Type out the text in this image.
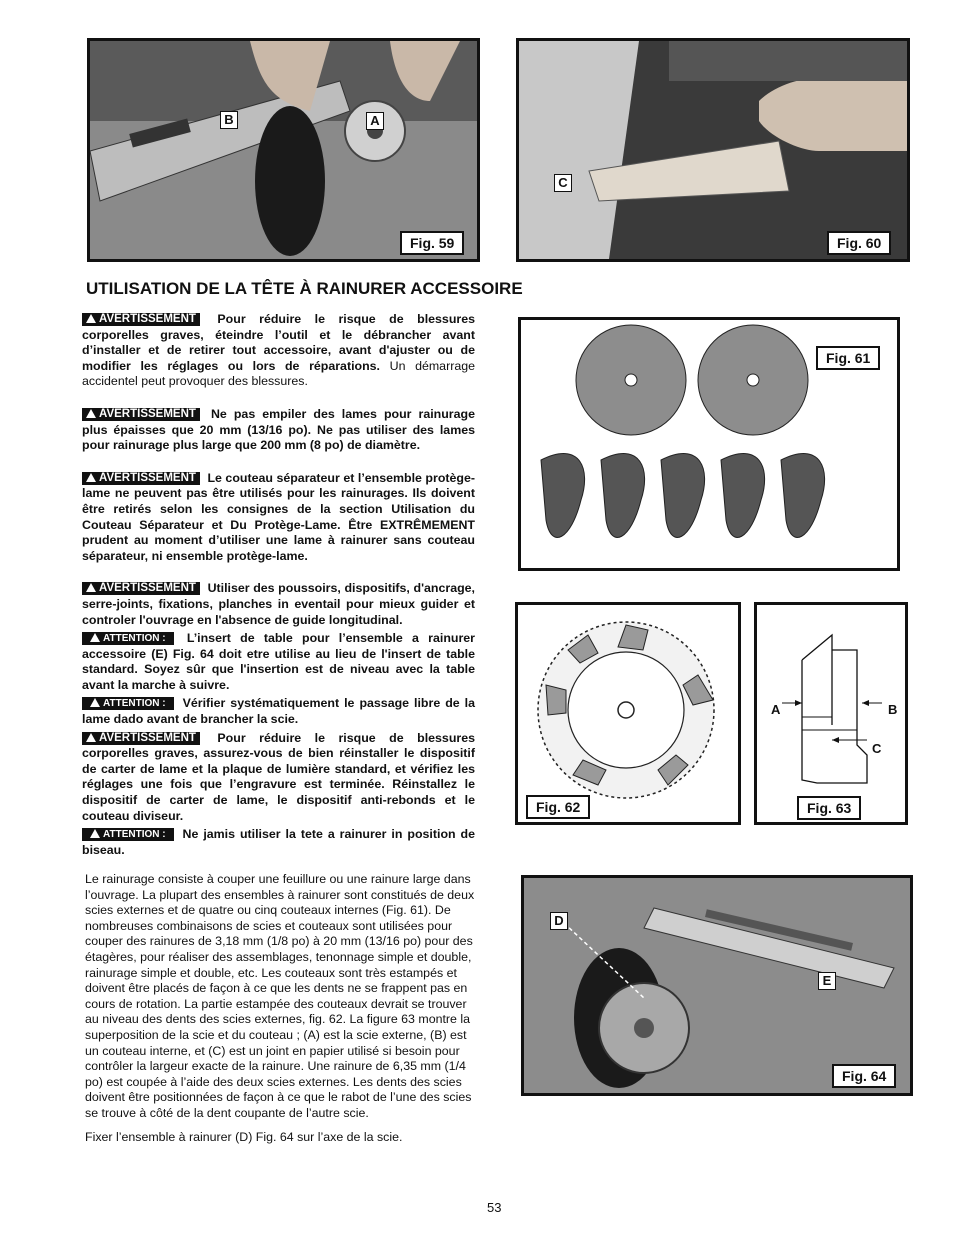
B	A
Fig. 59
C
Fig. 60
UTILISATION DE LA TÊTE À RAINURER ACCESSOIRE

AVERTISSEMENT Pour réduire le risque de blessures corporelles graves, éteindre l’outil et le débrancher avant d’installer et de retirer tout accessoire, avant d'ajuster ou de modifier les réglages ou lors de réparations. Un démarrage accidentel peut provoquer des blessures.

AVERTISSEMENT Ne pas empiler des lames pour rainurage plus épaisses que 20 mm (13/16 po). Ne pas utiliser des lames pour rainurage plus large que 200 mm (8 po) de diamètre.

AVERTISSEMENT Le couteau séparateur et l’ensemble protège-lame ne peuvent pas être utilisés pour les rainurages. Ils doivent être retirés selon les consignes de la section Utilisation du Couteau Séparateur et Du Protège-Lame. Être EXTRÊMEMENT prudent au moment d’utiliser une lame à rainurer sans couteau séparateur, ni ensemble protège-lame.

AVERTISSEMENT Utiliser des poussoirs, dispositifs, d'ancrage, serre-joints, fixations, planches in eventail pour mieux guider et controler l'ouvrage en l'absence de guide longitudinal.

ATTENTION : L’insert de table pour l’ensemble a rainurer accessoire (E) Fig. 64 doit etre utilise au lieu de l'insert de table standard. Soyez sûr que l'insertion est de niveau avec la table avant la marche à suivre.

ATTENTION : Vérifier systématiquement le passage libre de la lame dado avant de brancher la scie.

AVERTISSEMENT Pour réduire le risque de blessures corporelles graves, assurez-vous de bien réinstaller le dispositif de carter de lame et la plaque de lumière standard, et vérifiez les réglages une fois que l’engravure est terminée. Réinstallez le dispositif de carter de lame, le dispositif anti-rebonds et le couteau diviseur.

ATTENTION : Ne jamis utiliser la tete a rainurer in position de biseau.

Le rainurage consiste à couper une feuillure ou une rainure large dans l’ouvrage. La plupart des ensembles à rainurer sont constitués de deux scies externes et de quatre ou cinq couteaux internes (Fig. 61). De nombreuses combinaisons de scies et couteaux sont utilisées pour couper des rainures de 3,18 mm (1/8 po) à 20 mm (13/16 po) pour des étagères, pour réaliser des assemblages, tenonnage simple et double, rainurage simple et double, etc. Les couteaux sont très estampés et doivent être placés de façon à ce que les dents ne se frappent pas en cours de rotation. La partie estampée des couteaux devrait se trouver au niveau des dents des scies externes, fig. 62. La figure 63 montre la superposition de la scie et du couteau ; (A) est la scie externe, (B) est un couteau interne, et (C) est un joint en papier utilisé si besoin pour contrôler la largeur exacte de la rainure. Une rainure de 6,35 mm (1/4 po) est coupée à l’aide des deux scies externes. Les dents des scies doivent être positionnées de façon à ce que le rabot de l’une des scies se trouve à côté de la dent coupante de l’autre scie.

Fixer l’ensemble à rainurer (D) Fig. 64 sur l’axe de la scie.

Fig. 61
Fig. 62
A	B
C
Fig. 63
D
E
Fig. 64
53
